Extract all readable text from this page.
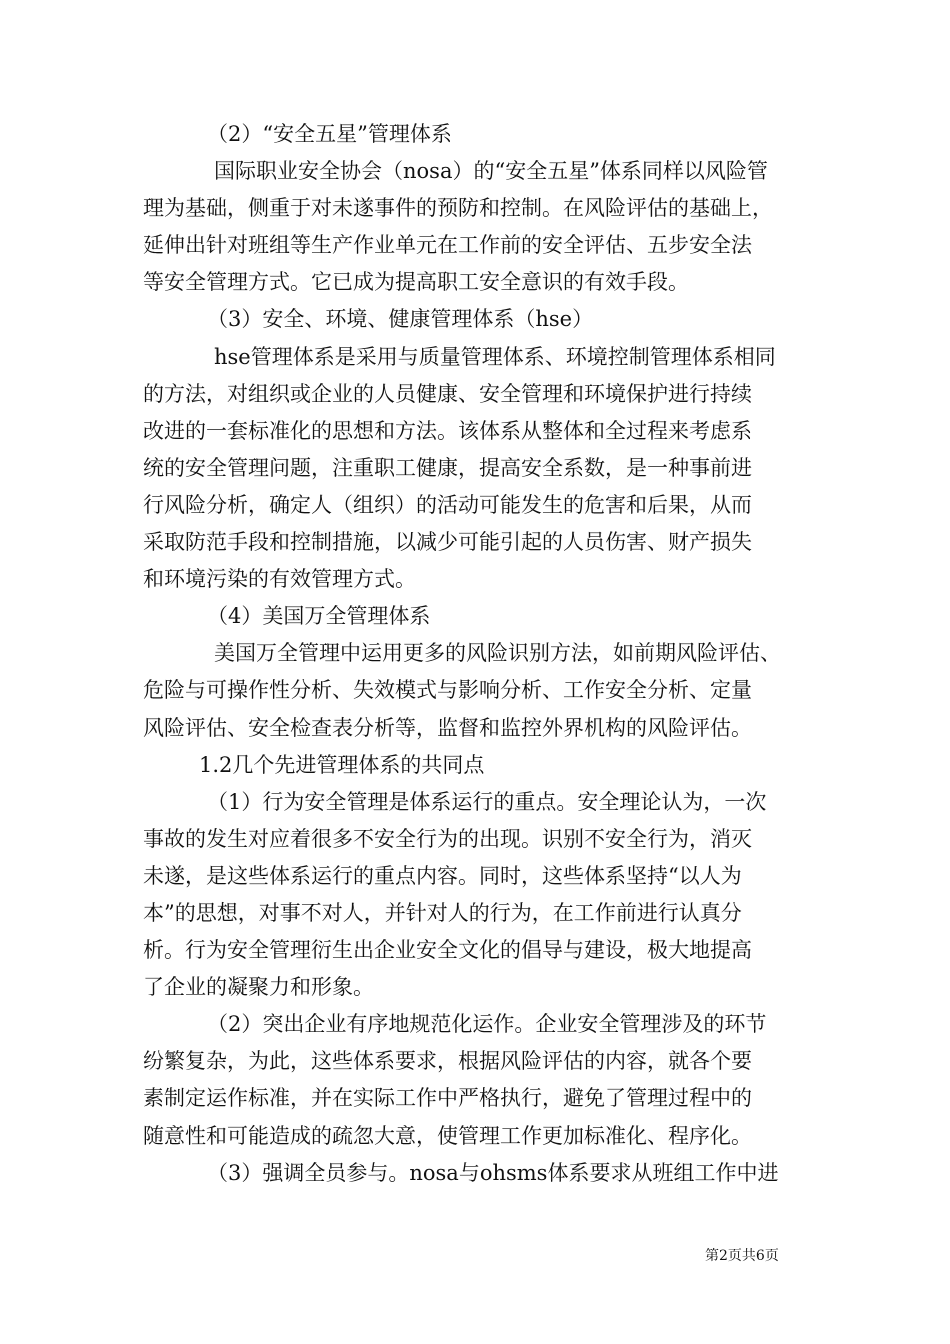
（2）“安全五星”管理体系
国际职业安全协会（nosa）的“安全五星”体系同样以风险管
理为基础，侧重于对未遂事件的预防和控制。在风险评估的基础上，
延伸出针对班组等生产作业单元在工作前的安全评估、五步安全法
等安全管理方式。它已成为提高职工安全意识的有效手段。
（3）安全、环境、健康管理体系（hse）
hse管理体系是采用与质量管理体系、环境控制管理体系相同
的方法，对组织或企业的人员健康、安全管理和环境保护进行持续
改进的一套标准化的思想和方法。该体系从整体和全过程来考虑系
统的安全管理问题，注重职工健康，提高安全系数，是一种事前进
行风险分析，确定人（组织）的活动可能发生的危害和后果，从而
采取防范手段和控制措施，以减少可能引起的人员伤害、财产损失
和环境污染的有效管理方式。
（4）美国万全管理体系
美国万全管理中运用更多的风险识别方法，如前期风险评估、
危险与可操作性分析、失效模式与影响分析、工作安全分析、定量
风险评估、安全检查表分析等，监督和监控外界机构的风险评估。
1.2几个先进管理体系的共同点
（1）行为安全管理是体系运行的重点。安全理论认为，一次
事故的发生对应着很多不安全行为的出现。识别不安全行为，消灭
未遂，是这些体系运行的重点内容。同时，这些体系坚持“以人为
本”的思想，对事不对人，并针对人的行为，在工作前进行认真分
析。行为安全管理衍生出企业安全文化的倡导与建设，极大地提高
了企业的凝聚力和形象。
（2）突出企业有序地规范化运作。企业安全管理涉及的环节
纷繁复杂，为此，这些体系要求，根据风险评估的内容，就各个要
素制定运作标准，并在实际工作中严格执行，避免了管理过程中的
随意性和可能造成的疏忽大意，使管理工作更加标准化、程序化。
（3）强调全员参与。nosa与ohsms体系要求从班组工作中进
第2页共6页
